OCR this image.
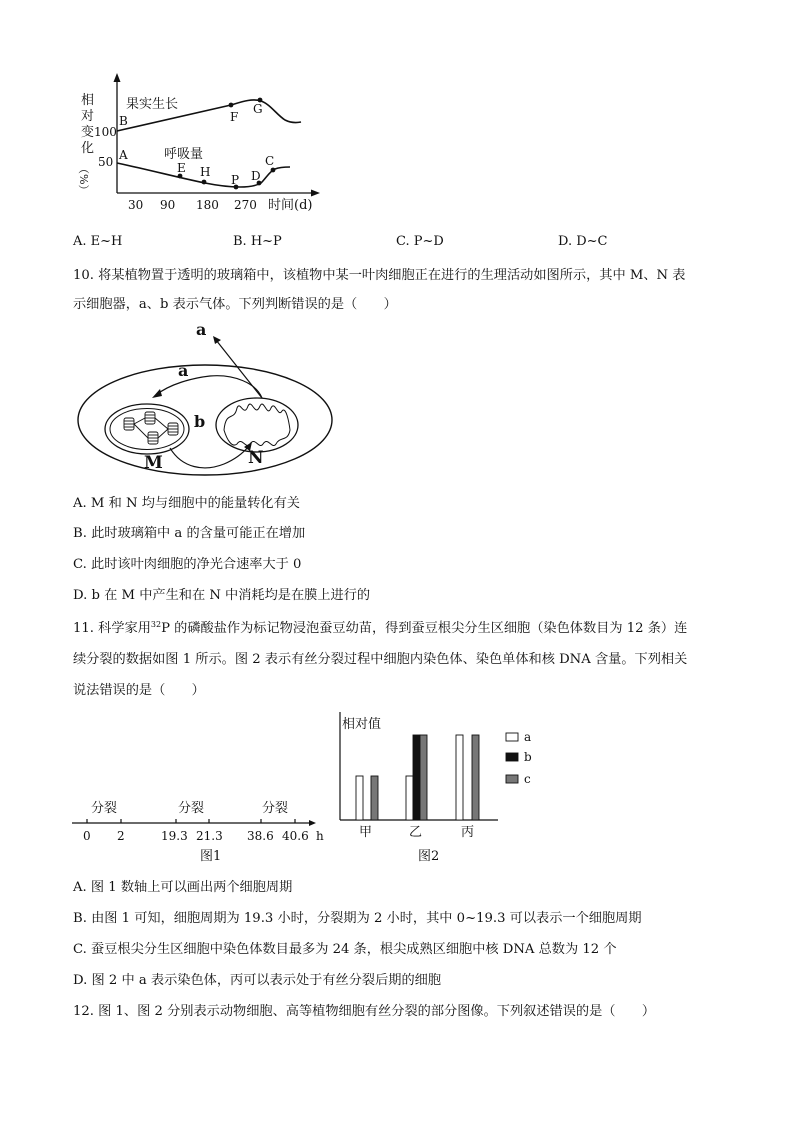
相
对
变
化
（%）
100
50
30 90 180 270 时间(d)
果实生长
呼吸量
B
A
F
G
E H
P D
C
A. E~H	B. H~P	C. P~D	D. D~C
10. 将某植物置于透明的玻璃箱中，该植物中某一叶肉细胞正在进行的生理活动如图所示，其中 M、N 表
示细胞器，a、b 表示气体。下列判断错误的是（　　）
a
a
b
M	N
A. M 和 N 均与细胞中的能量转化有关
B. 此时玻璃箱中 a 的含量可能正在增加
C. 此时该叶肉细胞的净光合速率大于 0
D. b 在 M 中产生和在 N 中消耗均是在膜上进行的
11. 科学家用$^{32}$P 的磷酸盐作为标记物浸泡蚕豆幼苗，得到蚕豆根尖分生区细胞（染色体数目为 12 条）连
续分裂的数据如图 1 所示。图 2 表示有丝分裂过程中细胞内染色体、染色单体和核 DNA 含量。下列相关
说法错误的是（　　）
分裂	分裂	分裂
0 2	19.3 21.3 38.6 40.6 h
图1
相对值
甲	乙	丙
a
b
c
图2
A. 图 1 数轴上可以画出两个细胞周期
B. 由图 1 可知，细胞周期为 19.3 小时，分裂期为 2 小时，其中 0~19.3 可以表示一个细胞周期
C. 蚕豆根尖分生区细胞中染色体数目最多为 24 条，根尖成熟区细胞中核 DNA 总数为 12 个
D. 图 2 中 a 表示染色体，丙可以表示处于有丝分裂后期的细胞
12. 图 1、图 2 分别表示动物细胞、高等植物细胞有丝分裂的部分图像。下列叙述错误的是（　　）
